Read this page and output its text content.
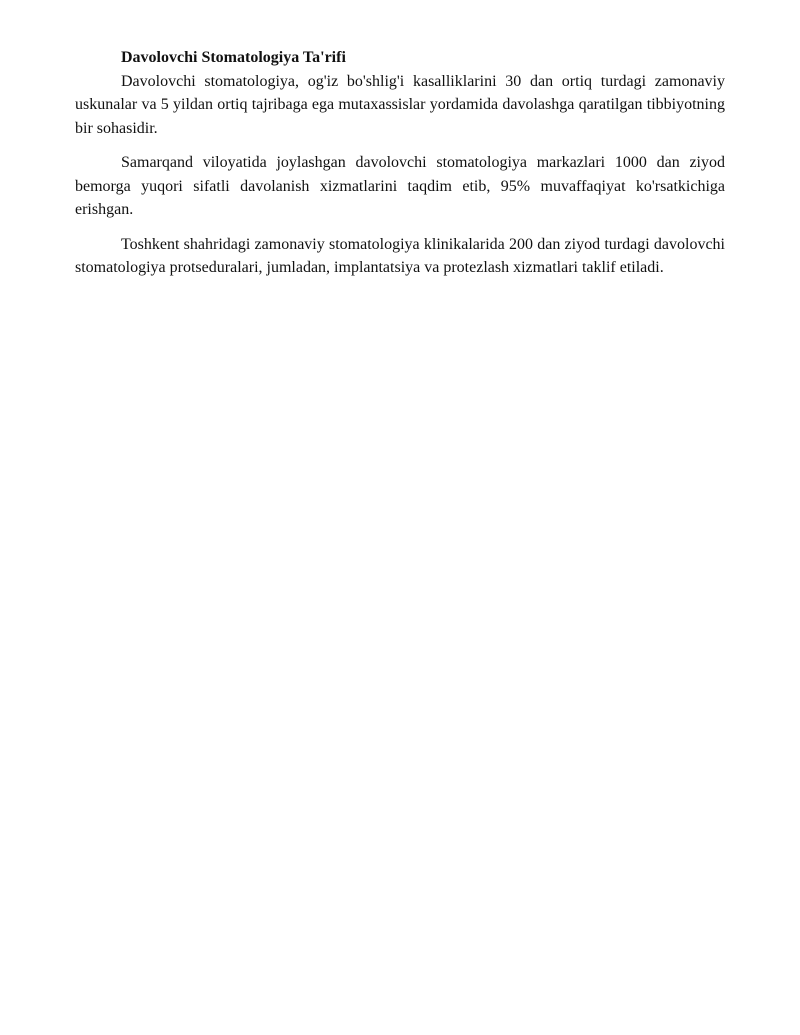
Davolovchi Stomatologiya Ta'rifi

Davolovchi stomatologiya, og'iz bo'shlig'i kasalliklarini 30 dan ortiq turdagi zamonaviy uskunalar va 5 yildan ortiq tajribaga ega mutaxassislar yordamida davolashga qaratilgan tibbiyotning bir sohasidir.

Samarqand viloyatida joylashgan davolovchi stomatologiya markazlari 1000 dan ziyod bemorga yuqori sifatli davolanish xizmatlarini taqdim etib, 95% muvaffaqiyat ko'rsatkichiga erishgan.

Toshkent shahridagi zamonaviy stomatologiya klinikalarida 200 dan ziyod turdagi davolovchi stomatologiya protseduralari, jumladan, implantatsiya va protezlash xizmatlari taklif etiladi.
